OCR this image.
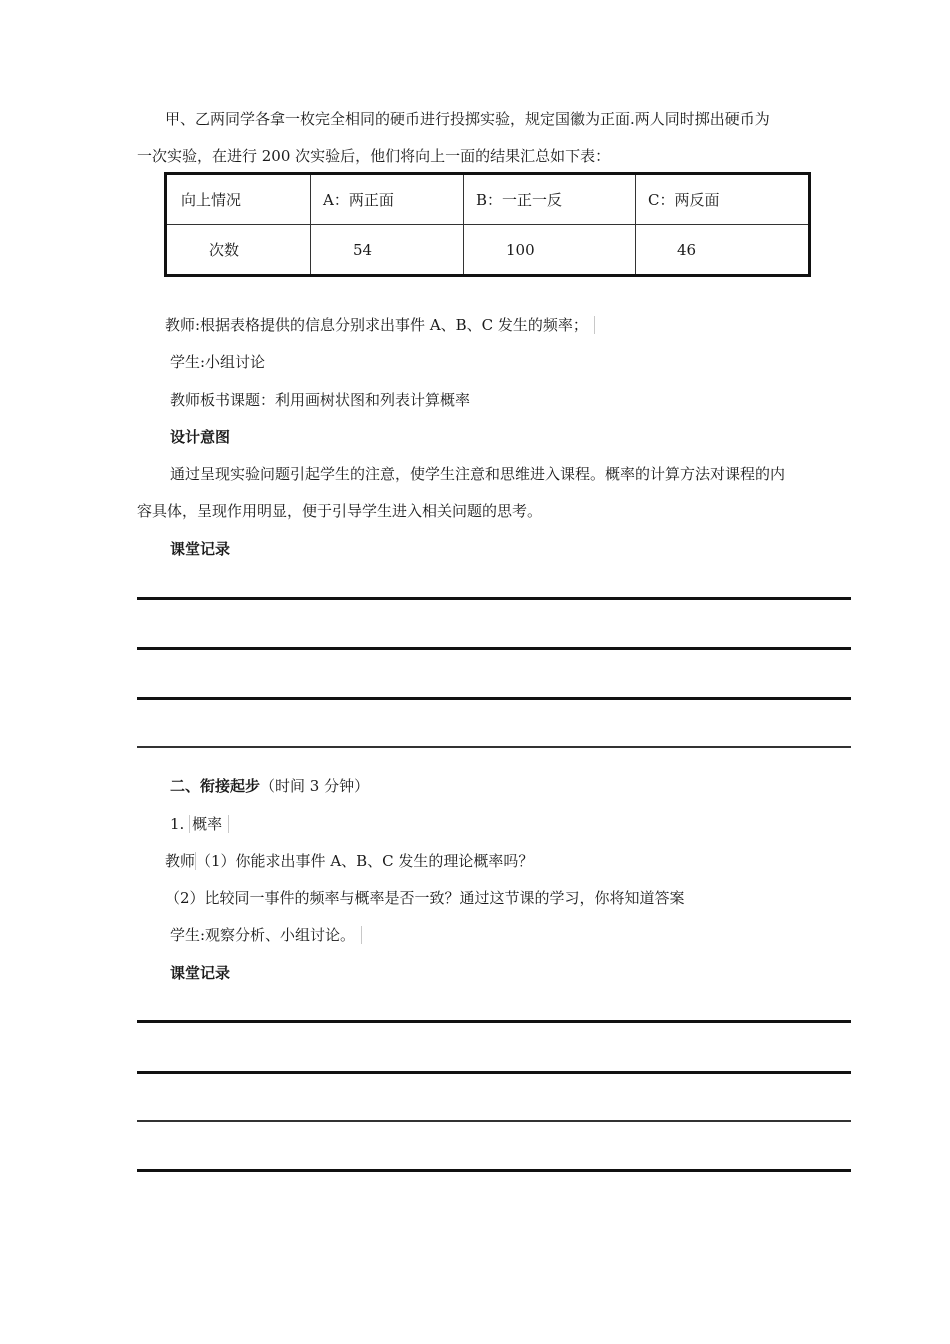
甲、乙两同学各拿一枚完全相同的硬币进行投掷实验，规定国徽为正面.两人同时掷出硬币为
一次实验，在进行 200 次实验后，他们将向上一面的结果汇总如下表：
向上情况	A：两正面	B：一正一反	C：两反面
次数	54	100	46
教师:根据表格提供的信息分别求出事件 A、B、C 发生的频率；
学生:小组讨论
教师板书课题：利用画树状图和列表计算概率
设计意图
通过呈现实验问题引起学生的注意，使学生注意和思维进入课程。概率的计算方法对课程的内
容具体，呈现作用明显，便于引导学生进入相关问题的思考。
课堂记录
二、衔接起步（时间 3 分钟）
1. 概率
教师（1）你能求出事件 A、B、C 发生的理论概率吗？
（2）比较同一事件的频率与概率是否一致？通过这节课的学习，你将知道答案
学生:观察分析、小组讨论。
课堂记录
